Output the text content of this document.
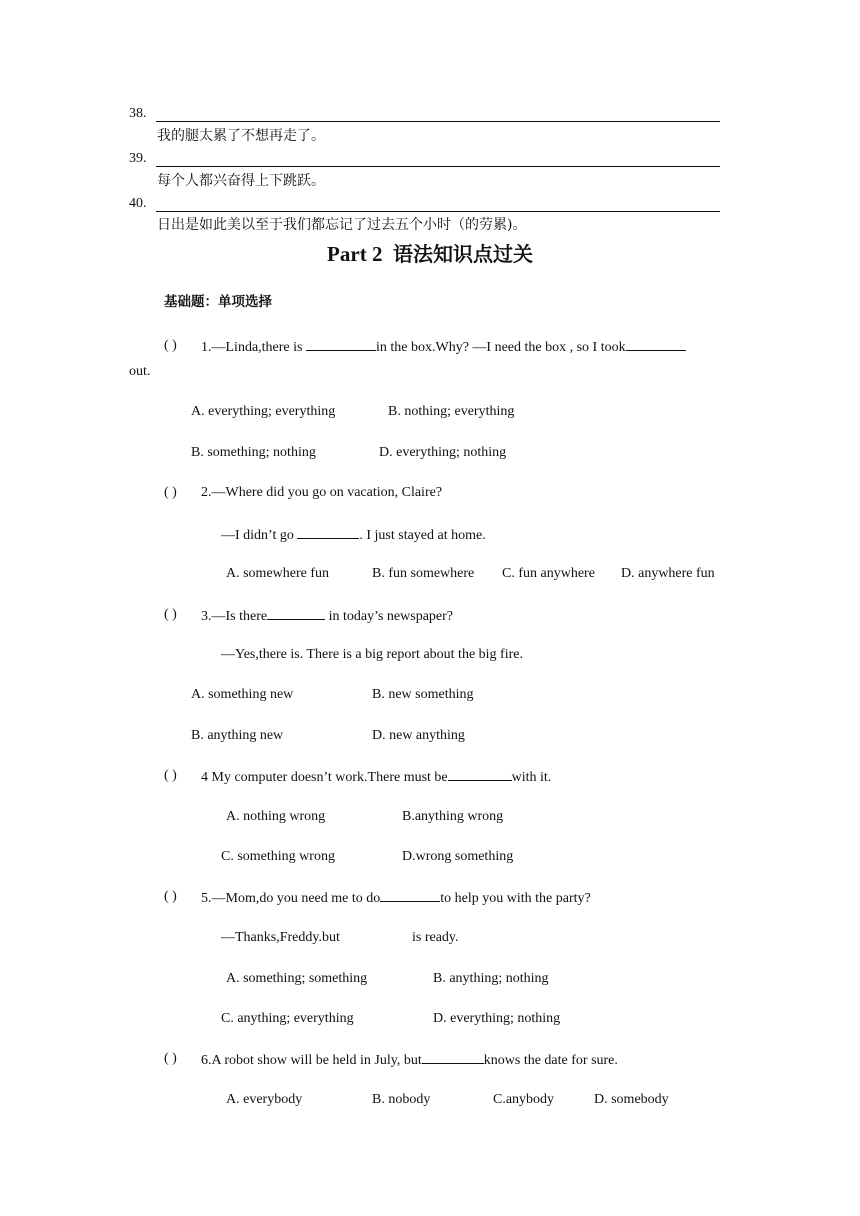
38.
我的腿太累了不想再走了。
39.
每个人都兴奋得上下跳跃。
40.
日出是如此美以至于我们都忘记了过去五个小时（的劳累)。
Part 2 语法知识点过关
基础题：单项选择
( ) 1.—Linda,there is	in the box.Why? —I need the box , so I took
out.
A. everything; everything	B. nothing; everything
B. something; nothing	D. everything; nothing
( ) 2.—Where did you go on vacation, Claire?
—I didn’t go	. I just stayed at home.
A. somewhere fun	B. fun somewhere C. fun anywhere D. anywhere fun
( ) 3.—Is there	in today’s newspaper?
—Yes,there is. There is a big report about the big fire.
A. something new	B. new something
B. anything new	D. new anything
( ) 4 My computer doesn’t work.There must be	with it.
A. nothing wrong	B.anything wrong
C. something wrong	D.wrong something
( ) 5.—Mom,do you need me to do	to help you with the party?
—Thanks,Freddy.but	is ready.
A. something; something	B. anything; nothing
C. anything; everything	D. everything; nothing
( ) 6.A robot show will be held in July, but	knows the date for sure.
A. everybody	B. nobody	C.anybody	D. somebody
